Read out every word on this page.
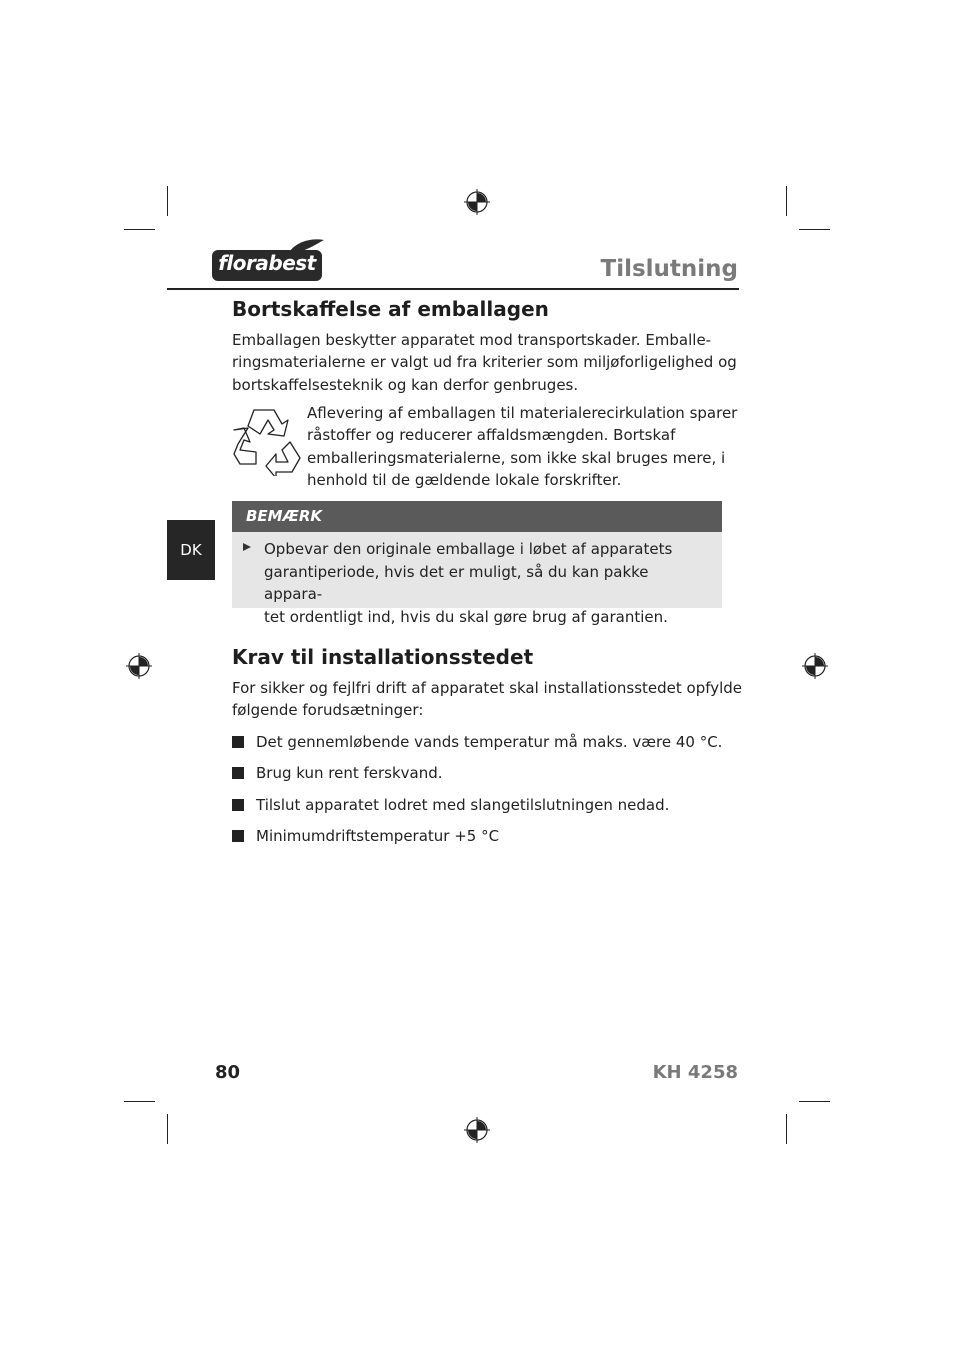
florabest	Tilslutning
DK
Bortskaffelse af emballagen

Emballagen beskytter apparatet mod transportskader. Emballe-

ringsmaterialerne er valgt ud fra kriterier som miljøforligelighed og

bortskaffelsesteknik og kan derfor genbruges.

Aflevering af emballagen til materialerecirkulation sparer

råstoffer og reducerer affaldsmængden. Bortskaf

emballeringsmaterialerne, som ikke skal bruges mere, i

henhold til de gældende lokale forskrifter.

BEMÆRK
Opbevar den originale emballage i løbet af apparatets
garantiperiode, hvis det er muligt, så du kan pakke appara-
tet ordentligt ind, hvis du skal gøre brug af garantien.
Krav til installationsstedet

For sikker og fejlfri drift af apparatet skal installationsstedet opfylde

følgende forudsætninger:

Det gennemløbende vands temperatur må maks. være 40 °C.
Brug kun rent ferskvand.
Tilslut apparatet lodret med slangetilslutningen nedad.
Minimumdriftstemperatur +5 °C
80	KH 4258
